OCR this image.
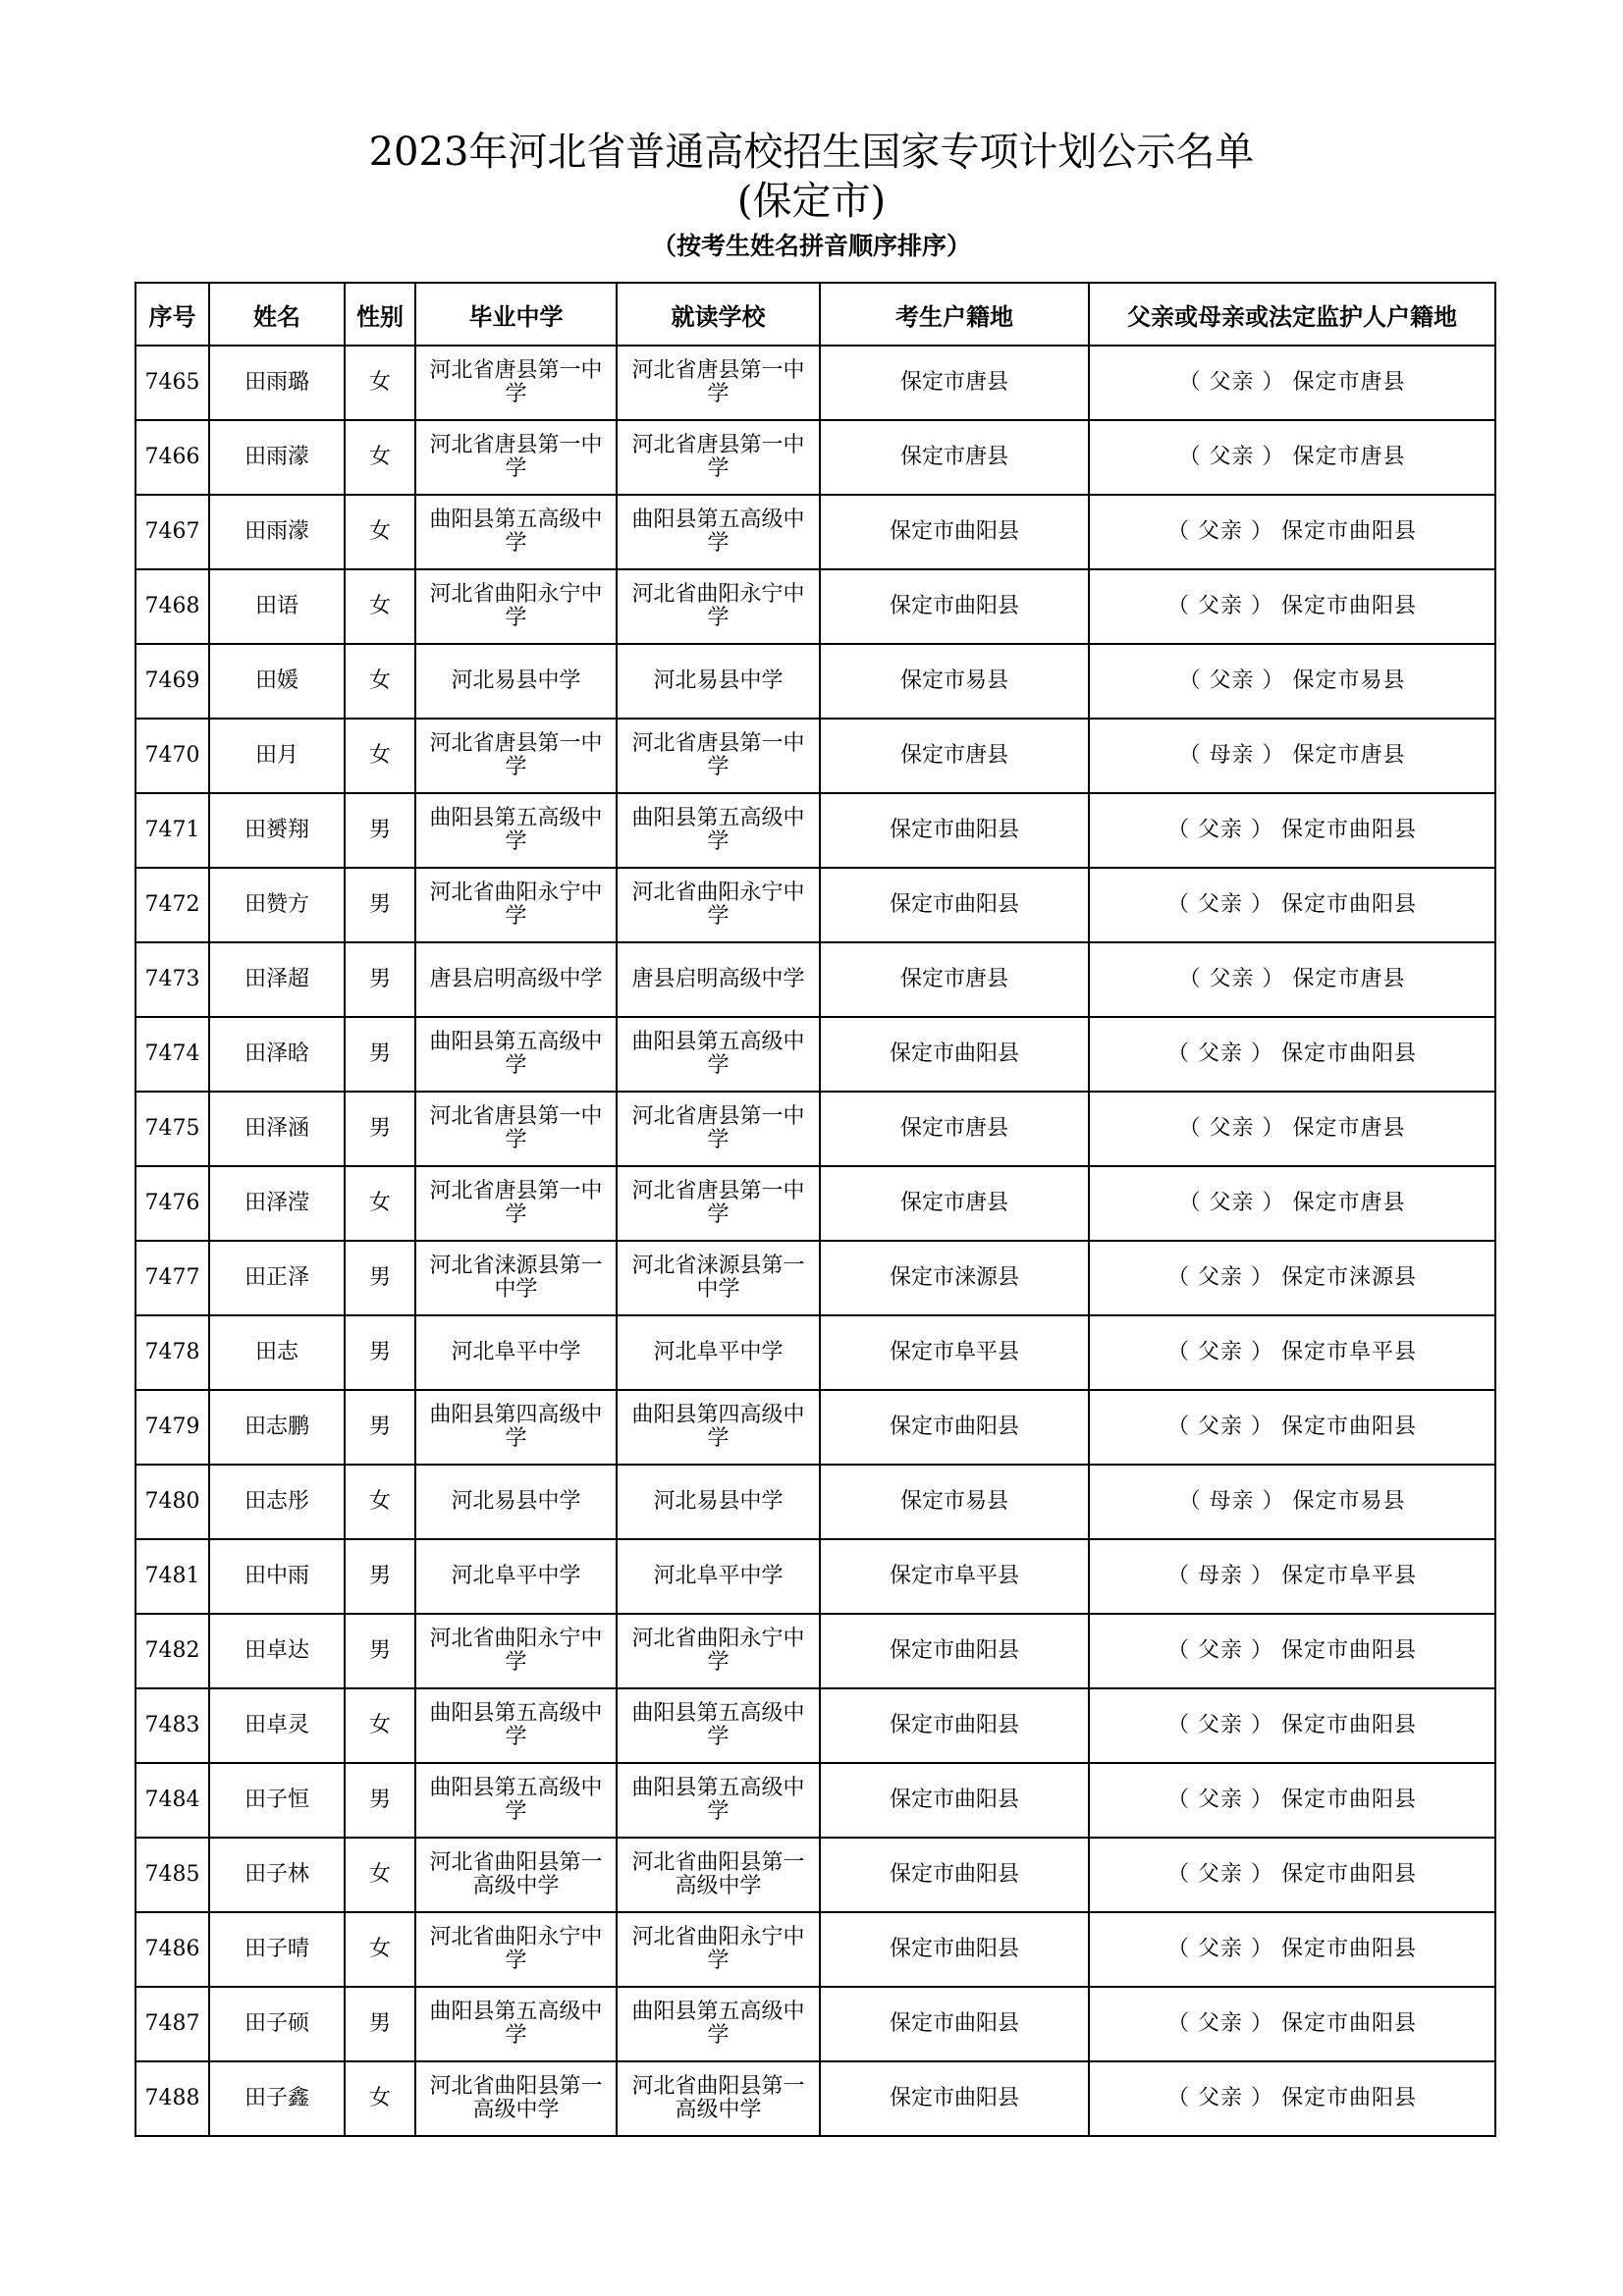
2023年河北省普通高校招生国家专项计划公示名单
(保定市)
（按考生姓名拼音顺序排序）
序号	姓名	性别	毕业中学	就读学校	考生户籍地	父亲或母亲或法定监护人户籍地
7465	田雨璐	女	河北省唐县第一中学	河北省唐县第一中学	保定市唐县	（ 父亲 ） 保定市唐县
7466	田雨濛	女	河北省唐县第一中学	河北省唐县第一中学	保定市唐县	（ 父亲 ） 保定市唐县
7467	田雨濛	女	曲阳县第五高级中学	曲阳县第五高级中学	保定市曲阳县	（ 父亲 ） 保定市曲阳县
7468	田语	女	河北省曲阳永宁中学	河北省曲阳永宁中学	保定市曲阳县	（ 父亲 ） 保定市曲阳县
7469	田媛	女	河北易县中学	河北易县中学	保定市易县	（ 父亲 ） 保定市易县
7470	田月	女	河北省唐县第一中学	河北省唐县第一中学	保定市唐县	（ 母亲 ） 保定市唐县
7471	田赟翔	男	曲阳县第五高级中学	曲阳县第五高级中学	保定市曲阳县	（ 父亲 ） 保定市曲阳县
7472	田赞方	男	河北省曲阳永宁中学	河北省曲阳永宁中学	保定市曲阳县	（ 父亲 ） 保定市曲阳县
7473	田泽超	男	唐县启明高级中学	唐县启明高级中学	保定市唐县	（ 父亲 ） 保定市唐县
7474	田泽晗	男	曲阳县第五高级中学	曲阳县第五高级中学	保定市曲阳县	（ 父亲 ） 保定市曲阳县
7475	田泽涵	男	河北省唐县第一中学	河北省唐县第一中学	保定市唐县	（ 父亲 ） 保定市唐县
7476	田泽滢	女	河北省唐县第一中学	河北省唐县第一中学	保定市唐县	（ 父亲 ） 保定市唐县
7477	田正泽	男	河北省涞源县第一中学	河北省涞源县第一中学	保定市涞源县	（ 父亲 ） 保定市涞源县
7478	田志	男	河北阜平中学	河北阜平中学	保定市阜平县	（ 父亲 ） 保定市阜平县
7479	田志鹏	男	曲阳县第四高级中学	曲阳县第四高级中学	保定市曲阳县	（ 父亲 ） 保定市曲阳县
7480	田志彤	女	河北易县中学	河北易县中学	保定市易县	（ 母亲 ） 保定市易县
7481	田中雨	男	河北阜平中学	河北阜平中学	保定市阜平县	（ 母亲 ） 保定市阜平县
7482	田卓达	男	河北省曲阳永宁中学	河北省曲阳永宁中学	保定市曲阳县	（ 父亲 ） 保定市曲阳县
7483	田卓灵	女	曲阳县第五高级中学	曲阳县第五高级中学	保定市曲阳县	（ 父亲 ） 保定市曲阳县
7484	田子恒	男	曲阳县第五高级中学	曲阳县第五高级中学	保定市曲阳县	（ 父亲 ） 保定市曲阳县
7485	田子林	女	河北省曲阳县第一高级中学	河北省曲阳县第一高级中学	保定市曲阳县	（ 父亲 ） 保定市曲阳县
7486	田子晴	女	河北省曲阳永宁中学	河北省曲阳永宁中学	保定市曲阳县	（ 父亲 ） 保定市曲阳县
7487	田子硕	男	曲阳县第五高级中学	曲阳县第五高级中学	保定市曲阳县	（ 父亲 ） 保定市曲阳县
7488	田子鑫	女	河北省曲阳县第一高级中学	河北省曲阳县第一高级中学	保定市曲阳县	（ 父亲 ） 保定市曲阳县
